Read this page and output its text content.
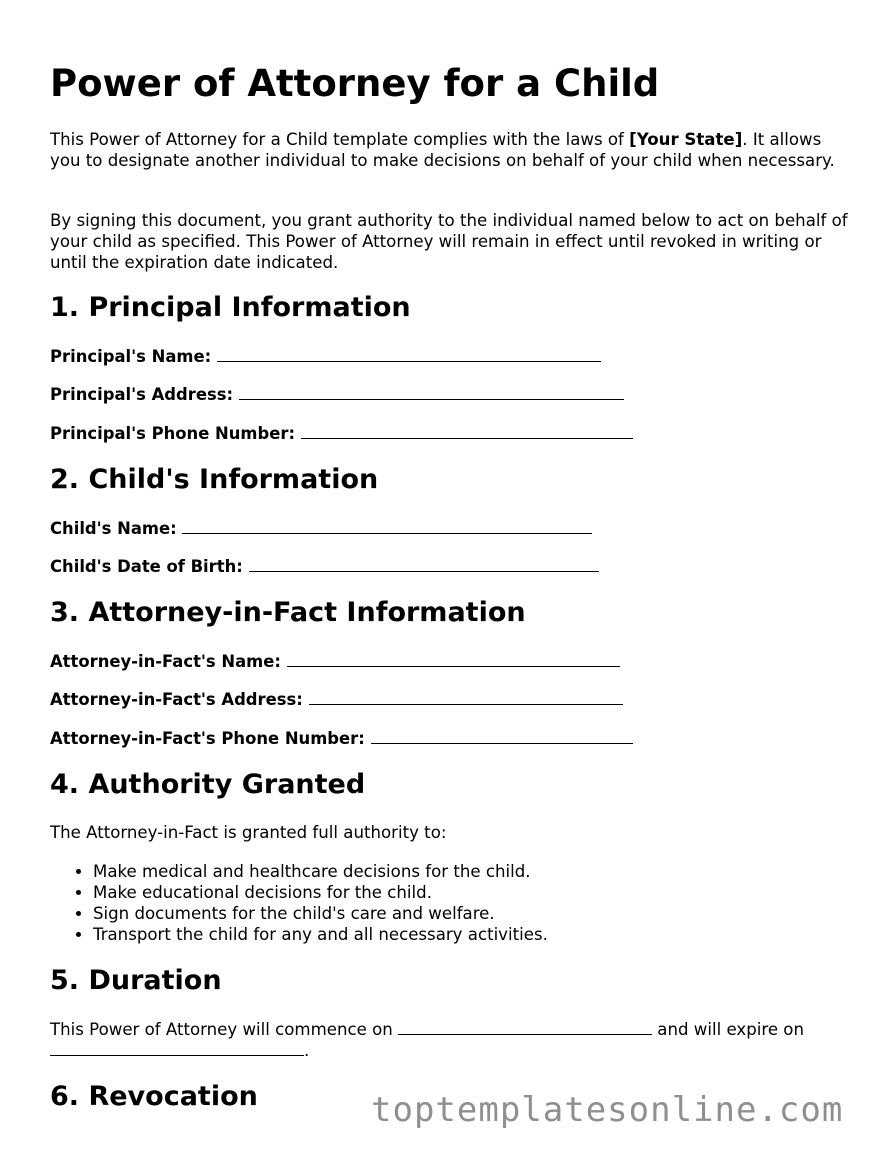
Power of Attorney for a Child

This Power of Attorney for a Child template complies with the laws of [Your State]. It allows you to designate another individual to make decisions on behalf of your child when necessary.

By signing this document, you grant authority to the individual named below to act on behalf of your child as specified. This Power of Attorney will remain in effect until revoked in writing or until the expiration date indicated.

1. Principal Information
Principal's Name:
Principal's Address:
Principal's Phone Number:
2. Child's Information
Child's Name:
Child's Date of Birth:
3. Attorney-in-Fact Information
Attorney-in-Fact's Name:
Attorney-in-Fact's Address:
Attorney-in-Fact's Phone Number:
4. Authority Granted

The Attorney-in-Fact is granted full authority to:

• Make medical and healthcare decisions for the child.
• Make educational decisions for the child.
• Sign documents for the child's care and welfare.
• Transport the child for any and all necessary activities.
5. Duration

This Power of Attorney will commence on	and will expire on
.

6. Revocation	toptemplatesonline.com
